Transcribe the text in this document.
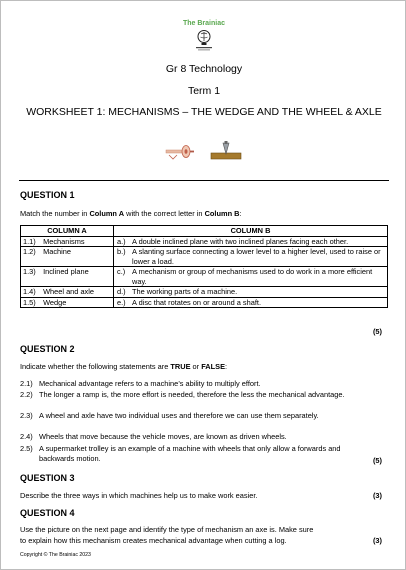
The Brainiac
Gr 8 Technology
Term 1
WORKSHEET 1: MECHANISMS – THE WEDGE AND THE WHEEL & AXLE
QUESTION 1
Match the number in Column A with the correct letter in Column B:
COLUMN A	COLUMN B
1.1) Mechanisms	a.) A double inclined plane with two inclined planes facing each other.
1.2) Machine	b.) A slanting surface connecting a lower level to a higher level, used to raise or lower a load.
1.3) Inclined plane	c.) A mechanism or group of mechanisms used to do work in a more efficient way.
1.4) Wheel and axle	d.) The working parts of a machine.
1.5) Wedge	e.) A disc that rotates on or around a shaft.
(5)
QUESTION 2
Indicate whether the following statements are TRUE or FALSE:
2.1) Mechanical advantage refers to a machine’s ability to multiply effort.
2.2) The longer a ramp is, the more effort is needed, therefore the less the mechanical advantage.
2.3) A wheel and axle have two individual uses and therefore we can use them separately.
2.4) Wheels that move because the vehicle moves, are known as driven wheels.
2.5) A supermarket trolley is an example of a machine with wheels that only allow a forwards and backwards motion.	(5)
QUESTION 3
Describe the three ways in which machines help us to make work easier.	(3)
QUESTION 4
Use the picture on the next page and identify the type of mechanism an axe is. Make sure
to explain how this mechanism creates mechanical advantage when cutting a log.	(3)
Copyright © The Brainiac 2023
